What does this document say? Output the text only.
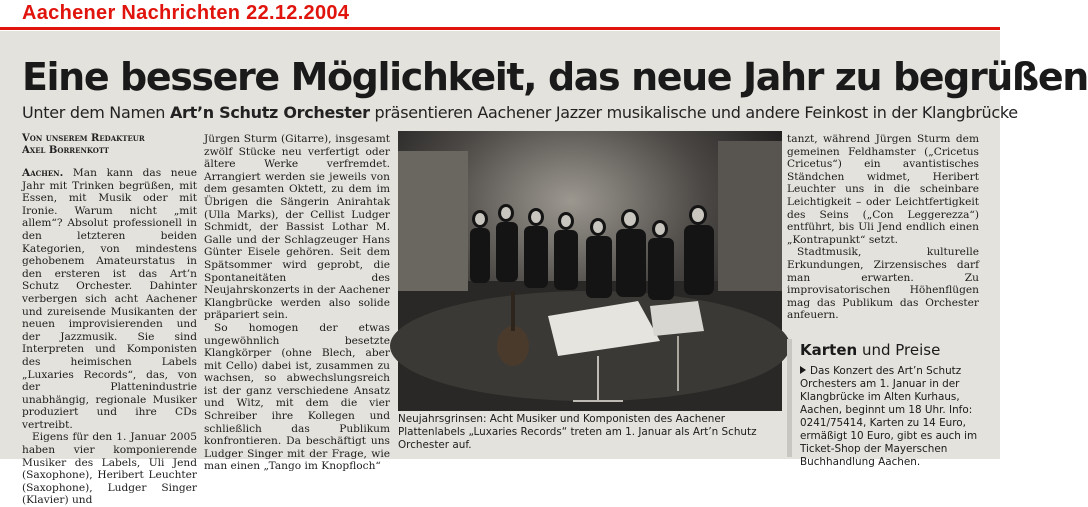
Aachener Nachrichten 22.12.2004
Eine bessere Möglichkeit, das neue Jahr zu begrüßen
Unter dem Namen Art’n Schutz Orchester präsentieren Aachener Jazzer musikalische und andere Feinkost in der Klangbrücke
Von unserem Redakteur
Axel Borrenkott

Aachen. Man kann das neue Jahr mit Trinken begrüßen, mit Essen, mit Musik oder mit Ironie. Warum nicht „mit allem“? Absolut professionell in den letzteren beiden Kategorien, von mindestens gehobenem Amateurstatus in den ersteren ist das Art’n Schutz Orchester. Dahinter verbergen sich acht Aachener und zureisende Musikanten der neuen improvisierenden und der Jazzmusik. Sie sind Interpreten und Komponisten des heimischen Labels „Luxaries Records“, das, von der Plattenindustrie unabhängig, regionale Musiker produziert und ihre CDs vertreibt.

Eigens für den 1. Januar 2005 haben vier komponierende Musiker des Labels, Uli Jend (Saxophone), Heribert Leuchter (Saxophone), Ludger Singer (Klavier) und

Jürgen Sturm (Gitarre), insgesamt zwölf Stücke neu verfertigt oder ältere Werke verfremdet. Arrangiert werden sie jeweils von dem gesamten Oktett, zu dem im Übrigen die Sängerin Anirahtak (Ulla Marks), der Cellist Ludger Schmidt, der Bassist Lothar M. Galle und der Schlagzeuger Hans Günter Eisele gehören. Seit dem Spätsommer wird geprobt, die Spontaneitäten des Neujahrskonzerts in der Aachener Klangbrücke werden also solide präpariert sein.

So homogen der etwas ungewöhnlich besetzte Klangkörper (ohne Blech, aber mit Cello) dabei ist, zusammen zu wachsen, so abwechslungsreich ist der ganz verschiedene Ansatz und Witz, mit dem die vier Schreiber ihre Kollegen und schließlich das Publikum konfrontieren. Da beschäftigt uns Ludger Singer mit der Frage, wie man einen „Tango im Knopfloch“

Neujahrsgrinsen: Acht Musiker und Komponisten des Aachener Plattenlabels „Luxaries Records“ treten am 1. Januar als Art’n Schutz Orchester auf.

tanzt, während Jürgen Sturm dem gemeinen Feldhamster („Cricetus Cricetus“) ein avantistisches Ständchen widmet, Heribert Leuchter uns in die scheinbare Leichtigkeit – oder Leichtfertigkeit des Seins („Con Leggerezza“) entführt, bis Uli Jend endlich einen „Kontrapunkt“ setzt.

Stadtmusik, kulturelle Erkundungen, Zirzensisches darf man erwarten. Zu improvisatorischen Höhenflügen mag das Publikum das Orchester anfeuern.

Karten und Preise
Das Konzert des Art’n Schutz Orchesters am 1. Januar in der Klangbrücke im Alten Kurhaus, Aachen, beginnt um 18 Uhr. Info: 0241/75414, Karten zu 14 Euro, ermäßigt 10 Euro, gibt es auch im Ticket-Shop der Mayerschen Buchhandlung Aachen.
